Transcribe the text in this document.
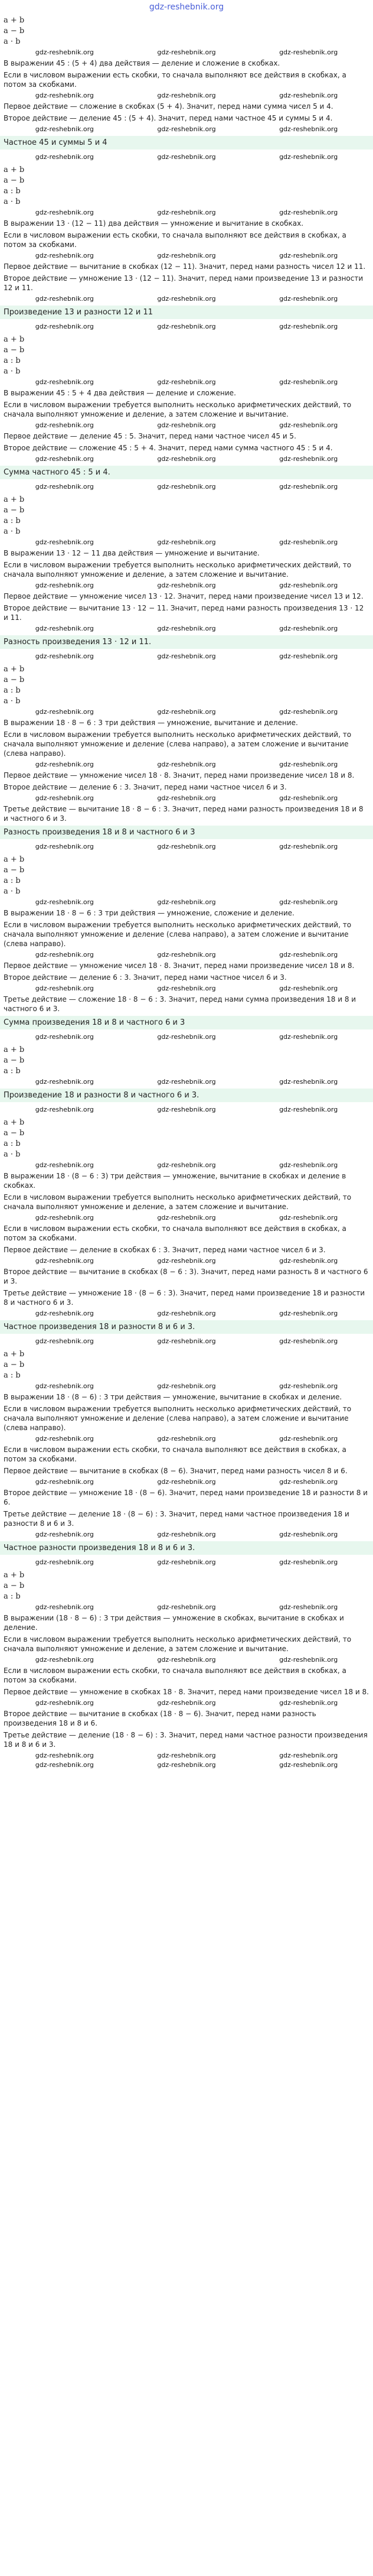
gdz-reshebnik.org
a + b
a − b
a · b
gdz-reshebnik.org	gdz-reshebnik.org	gdz-reshebnik.org
В выражении 45 : (5 + 4) два действия — деление и сложение в скобках.
Если в числовом выражении есть скобки, то сначала выполняют все действия в скобках, а потом за скобками.
gdz-reshebnik.org	gdz-reshebnik.org	gdz-reshebnik.org
Первое действие — сложение в скобках (5 + 4). Значит, перед нами сумма чисел 5 и 4.
Второе действие — деление 45 : (5 + 4). Значит, перед нами частное 45 и суммы 5 и 4.
gdz-reshebnik.org	gdz-reshebnik.org	gdz-reshebnik.org
Частное 45 и суммы 5 и 4
gdz-reshebnik.org	gdz-reshebnik.org	gdz-reshebnik.org
a + b
a − b
a : b
a · b
gdz-reshebnik.org	gdz-reshebnik.org	gdz-reshebnik.org
В выражении 13 · (12 − 11) два действия — умножение и вычитание в скобках.
Если в числовом выражении есть скобки, то сначала выполняют все действия в скобках, а потом за скобками.
gdz-reshebnik.org	gdz-reshebnik.org	gdz-reshebnik.org
Первое действие — вычитание в скобках (12 − 11). Значит, перед нами разность чисел 12 и 11.
Второе действие — умножение 13 · (12 − 11). Значит, перед нами произведение 13 и разности 12 и 11.
gdz-reshebnik.org	gdz-reshebnik.org	gdz-reshebnik.org
Произведение 13 и разности 12 и 11
gdz-reshebnik.org	gdz-reshebnik.org	gdz-reshebnik.org
a + b
a − b
a : b
a · b
gdz-reshebnik.org	gdz-reshebnik.org	gdz-reshebnik.org
В выражении 45 : 5 + 4 два действия — деление и сложение.
Если в числовом выражении требуется выполнить несколько арифметических действий, то сначала выполняют умножение и деление, а затем сложение и вычитание.
gdz-reshebnik.org	gdz-reshebnik.org	gdz-reshebnik.org
Первое действие — деление 45 : 5. Значит, перед нами частное чисел 45 и 5.
Второе действие — сложение 45 : 5 + 4. Значит, перед нами сумма частного 45 : 5 и 4.
gdz-reshebnik.org	gdz-reshebnik.org	gdz-reshebnik.org
Сумма частного 45 : 5 и 4.
gdz-reshebnik.org	gdz-reshebnik.org	gdz-reshebnik.org
a + b
a − b
a : b
a · b
gdz-reshebnik.org	gdz-reshebnik.org	gdz-reshebnik.org
В выражении 13 · 12 − 11 два действия — умножение и вычитание.
Если в числовом выражении требуется выполнить несколько арифметических действий, то сначала выполняют умножение и деление, а затем сложение и вычитание.
gdz-reshebnik.org	gdz-reshebnik.org	gdz-reshebnik.org
Первое действие — умножение чисел 13 · 12. Значит, перед нами произведение чисел 13 и 12.
Второе действие — вычитание 13 · 12 − 11. Значит, перед нами разность произведения 13 · 12 и 11.
gdz-reshebnik.org	gdz-reshebnik.org	gdz-reshebnik.org
Разность произведения 13 · 12 и 11.
gdz-reshebnik.org	gdz-reshebnik.org	gdz-reshebnik.org
a + b
a − b
a : b
a · b
gdz-reshebnik.org	gdz-reshebnik.org	gdz-reshebnik.org
В выражении 18 · 8 − 6 : 3 три действия — умножение, вычитание и деление.
Если в числовом выражении требуется выполнить несколько арифметических действий, то сначала выполняют умножение и деление (слева направо), а затем сложение и вычитание (слева направо).
gdz-reshebnik.org	gdz-reshebnik.org	gdz-reshebnik.org
Первое действие — умножение чисел 18 · 8. Значит, перед нами произведение чисел 18 и 8.
Второе действие — деление 6 : 3. Значит, перед нами частное чисел 6 и 3.
gdz-reshebnik.org	gdz-reshebnik.org	gdz-reshebnik.org
Третье действие — вычитание 18 · 8 − 6 : 3. Значит, перед нами разность произведения 18 и 8 и частного 6 и 3.
Разность произведения 18 и 8 и частного 6 и 3
gdz-reshebnik.org	gdz-reshebnik.org	gdz-reshebnik.org
a + b
a − b
a : b
a · b
gdz-reshebnik.org	gdz-reshebnik.org	gdz-reshebnik.org
В выражении 18 · 8 − 6 : 3 три действия — умножение, сложение и деление.
Если в числовом выражении требуется выполнить несколько арифметических действий, то сначала выполняют умножение и деление (слева направо), а затем сложение и вычитание (слева направо).
gdz-reshebnik.org	gdz-reshebnik.org	gdz-reshebnik.org
Первое действие — умножение чисел 18 · 8. Значит, перед нами произведение чисел 18 и 8.
Второе действие — деление 6 : 3. Значит, перед нами частное чисел 6 и 3.
gdz-reshebnik.org	gdz-reshebnik.org	gdz-reshebnik.org
Третье действие — сложение 18 · 8 − 6 : 3. Значит, перед нами сумма произведения 18 и 8 и частного 6 и 3.
Сумма произведения 18 и 8 и частного 6 и 3
gdz-reshebnik.org	gdz-reshebnik.org	gdz-reshebnik.org
a + b
a − b
a : b
gdz-reshebnik.org	gdz-reshebnik.org	gdz-reshebnik.org
Произведение 18 и разности 8 и частного 6 и 3.
gdz-reshebnik.org	gdz-reshebnik.org	gdz-reshebnik.org
a + b
a − b
a : b
a · b
gdz-reshebnik.org	gdz-reshebnik.org	gdz-reshebnik.org
В выражении 18 · (8 − 6 : 3) три действия — умножение, вычитание в скобках и деление в скобках.
Если в числовом выражении требуется выполнить несколько арифметических действий, то сначала выполняют умножение и деление, а затем сложение и вычитание.
gdz-reshebnik.org	gdz-reshebnik.org	gdz-reshebnik.org
Если в числовом выражении есть скобки, то сначала выполняют все действия в скобках, а потом за скобками.
Первое действие — деление в скобках 6 : 3. Значит, перед нами частное чисел 6 и 3.
gdz-reshebnik.org	gdz-reshebnik.org	gdz-reshebnik.org
Второе действие — вычитание в скобках (8 − 6 : 3). Значит, перед нами разность 8 и частного 6 и 3.
Третье действие — умножение 18 · (8 − 6 : 3). Значит, перед нами произведение 18 и разности 8 и частного 6 и 3.
gdz-reshebnik.org	gdz-reshebnik.org	gdz-reshebnik.org
Частное произведения 18 и разности 8 и 6 и 3.
gdz-reshebnik.org	gdz-reshebnik.org	gdz-reshebnik.org
a + b
a − b
a : b
gdz-reshebnik.org	gdz-reshebnik.org	gdz-reshebnik.org
В выражении 18 · (8 − 6) : 3 три действия — умножение, вычитание в скобках и деление.
Если в числовом выражении требуется выполнить несколько арифметических действий, то сначала выполняют умножение и деление (слева направо), а затем сложение и вычитание (слева направо).
gdz-reshebnik.org	gdz-reshebnik.org	gdz-reshebnik.org
Если в числовом выражении есть скобки, то сначала выполняют все действия в скобках, а потом за скобками.
Первое действие — вычитание в скобках (8 − 6). Значит, перед нами разность чисел 8 и 6.
gdz-reshebnik.org	gdz-reshebnik.org	gdz-reshebnik.org
Второе действие — умножение 18 · (8 − 6). Значит, перед нами произведение 18 и разности 8 и 6.
Третье действие — деление 18 · (8 − 6) : 3. Значит, перед нами частное произведения 18 и разности 8 и 6 и 3.
gdz-reshebnik.org	gdz-reshebnik.org	gdz-reshebnik.org
Частное разности произведения 18 и 8 и 6 и 3.
gdz-reshebnik.org	gdz-reshebnik.org	gdz-reshebnik.org
a + b
a − b
a : b
gdz-reshebnik.org	gdz-reshebnik.org	gdz-reshebnik.org
В выражении (18 · 8 − 6) : 3 три действия — умножение в скобках, вычитание в скобках и деление.
Если в числовом выражении требуется выполнить несколько арифметических действий, то сначала выполняют умножение и деление, а затем сложение и вычитание.
gdz-reshebnik.org	gdz-reshebnik.org	gdz-reshebnik.org
Если в числовом выражении есть скобки, то сначала выполняют все действия в скобках, а потом за скобками.
Первое действие — умножение в скобках 18 · 8. Значит, перед нами произведение чисел 18 и 8.
gdz-reshebnik.org	gdz-reshebnik.org	gdz-reshebnik.org
Второе действие — вычитание в скобках (18 · 8 − 6). Значит, перед нами разность произведения 18 и 8 и 6.
Третье действие — деление (18 · 8 − 6) : 3. Значит, перед нами частное разности произведения 18 и 8 и 6 и 3.
gdz-reshebnik.org	gdz-reshebnik.org	gdz-reshebnik.org
gdz-reshebnik.org	gdz-reshebnik.org	gdz-reshebnik.org
